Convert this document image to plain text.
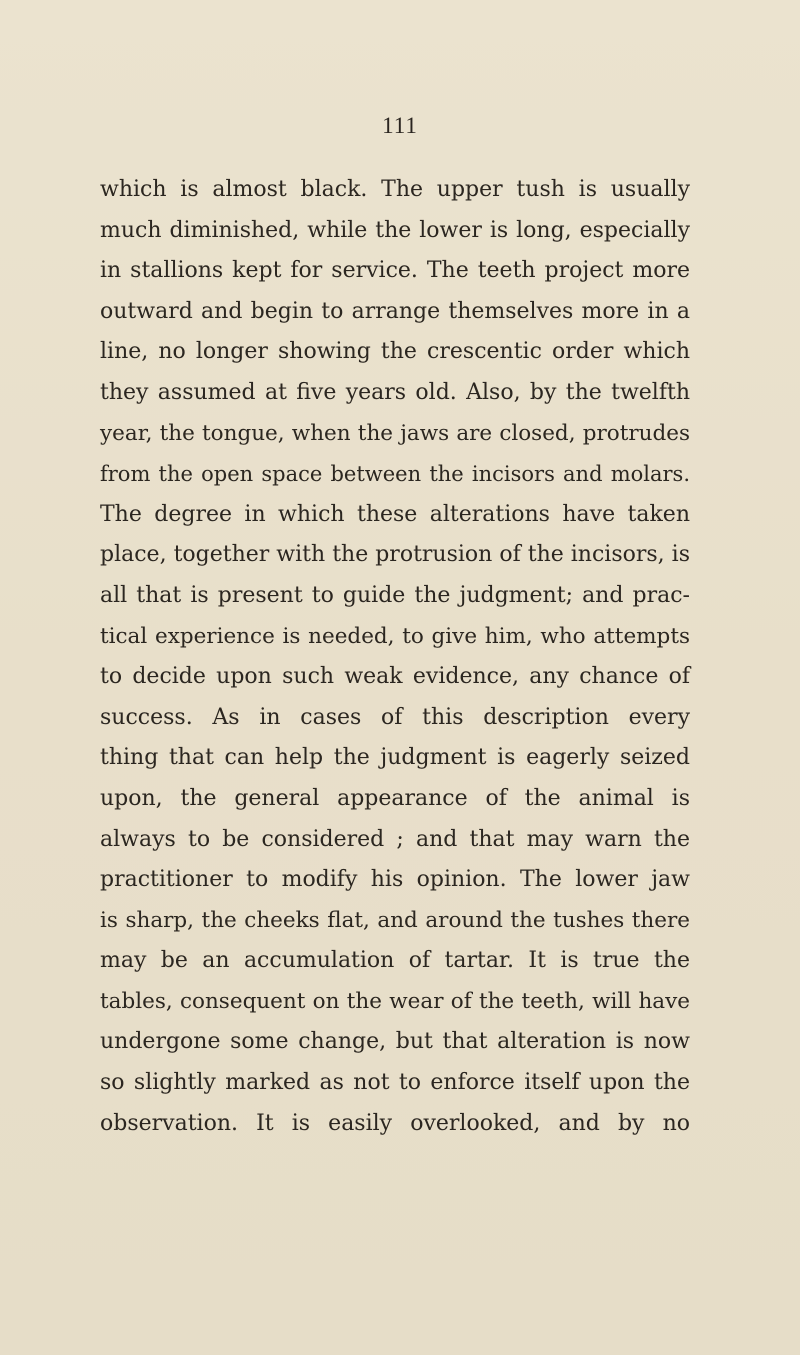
111
which is almost black. The upper tush is usually
much diminished, while the lower is long, especially
in stallions kept for service. The teeth project more
outward and begin to arrange themselves more in a
line, no longer showing the crescentic order which
they assumed at five years old. Also, by the twelfth
year, the tongue, when the jaws are closed, protrudes
from the open space between the incisors and molars.
The degree in which these alterations have taken
place, together with the protrusion of the incisors, is
all that is present to guide the judgment; and prac-
tical experience is needed, to give him, who attempts
to decide upon such weak evidence, any chance of
success. As in cases of this description every
thing that can help the judgment is eagerly seized
upon, the general appearance of the animal is
always to be considered ; and that may warn the
practitioner to modify his opinion. The lower jaw
is sharp, the cheeks flat, and around the tushes there
may be an accumulation of tartar. It is true the
tables, consequent on the wear of the teeth, will have
undergone some change, but that alteration is now
so slightly marked as not to enforce itself upon the
observation. It is easily overlooked, and by no
